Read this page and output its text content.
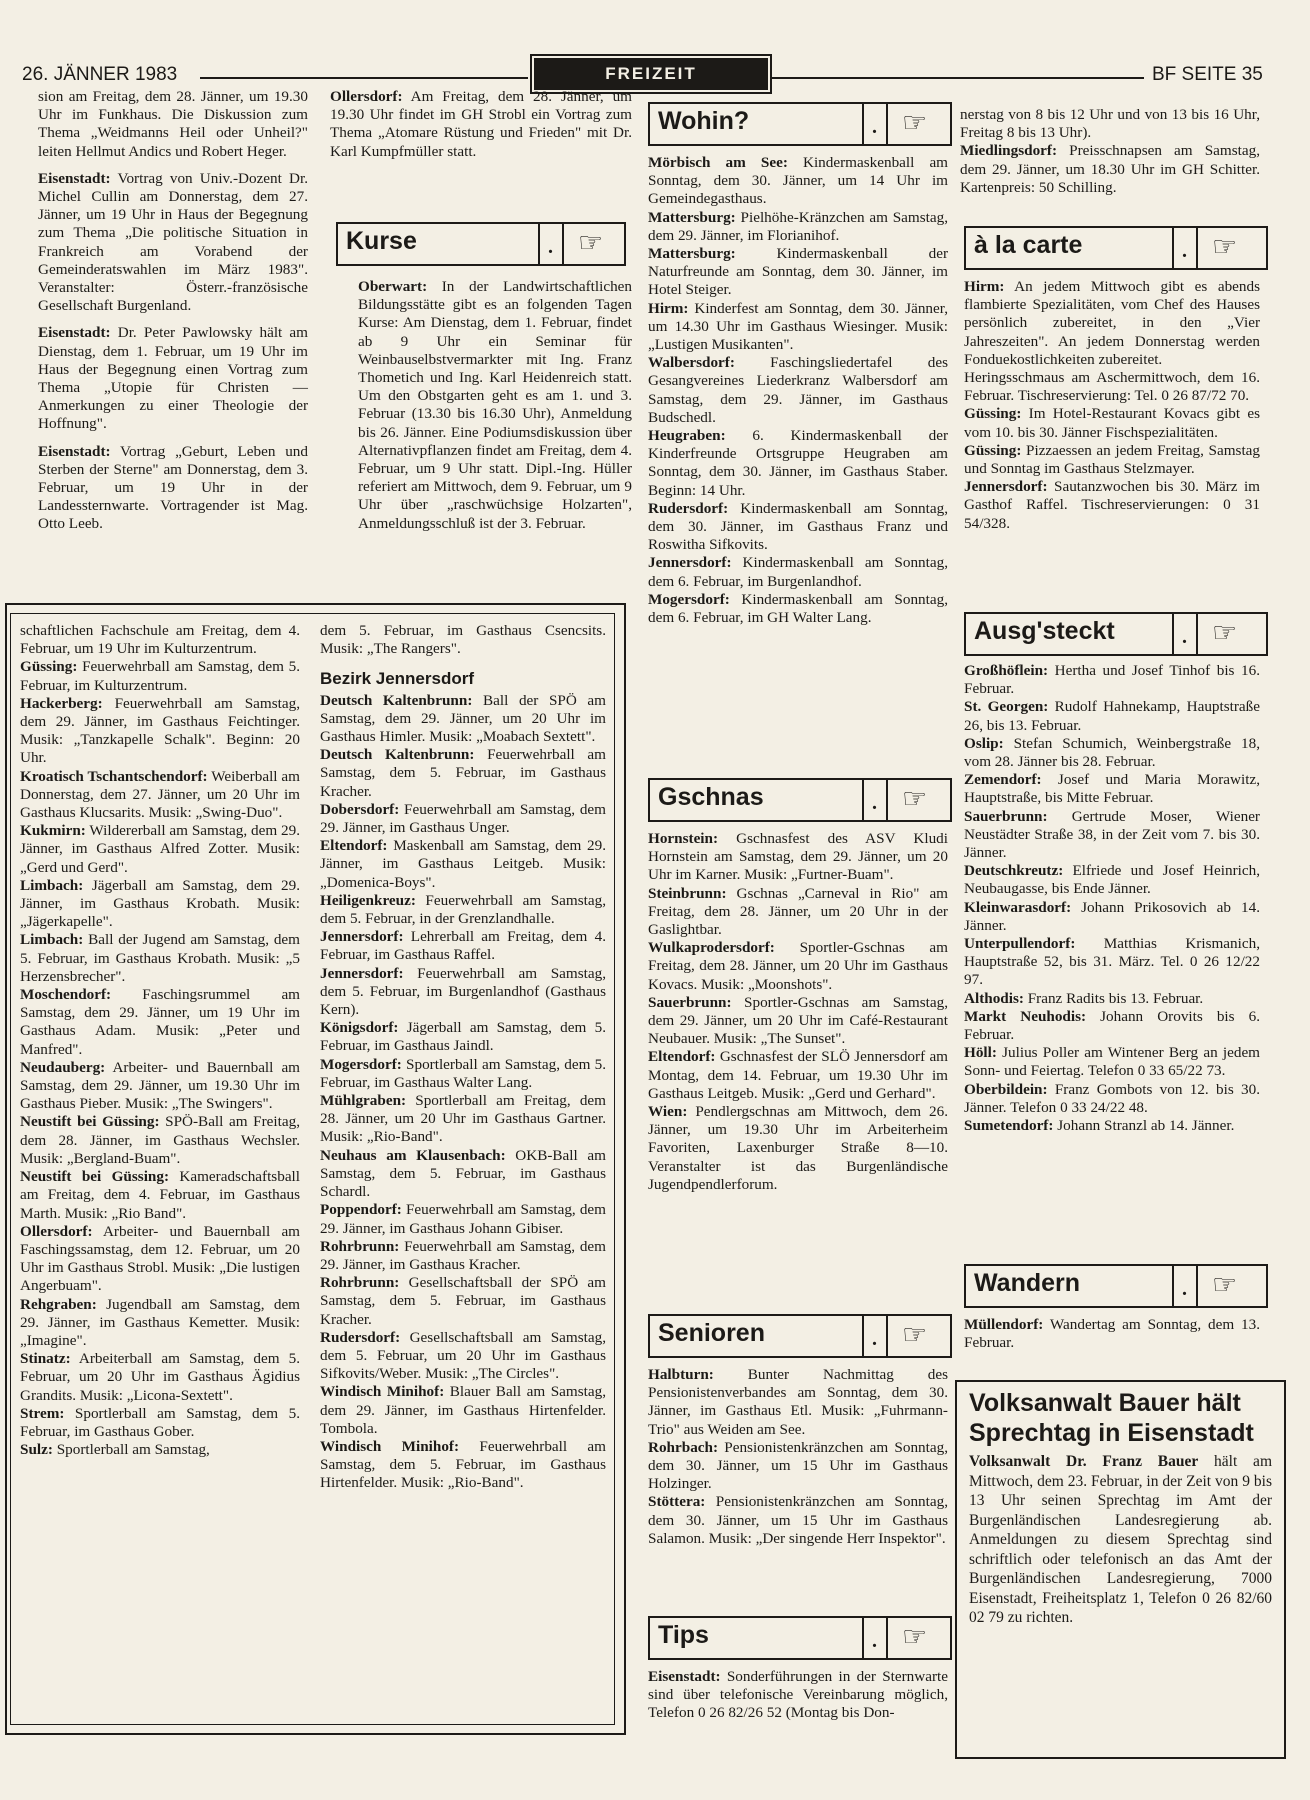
26. JÄNNER 1983	FREIZEIT	BF SEITE 35

sion am Freitag, dem 28. Jänner, um 19.30 Uhr im Funkhaus. Die Diskussion zum Thema „Weidmanns Heil oder Unheil?" leiten Hellmut Andics und Robert Heger.

Eisenstadt: Vortrag von Univ.-Dozent Dr. Michel Cullin am Donnerstag, dem 27. Jänner, um 19 Uhr in Haus der Begegnung zum Thema „Die politische Situation in Frankreich am Vorabend der Gemeinderatswahlen im März 1983". Veranstalter: Österr.-französische Gesellschaft Burgenland.

Eisenstadt: Dr. Peter Pawlowsky hält am Dienstag, dem 1. Februar, um 19 Uhr im Haus der Begegnung einen Vortrag zum Thema „Utopie für Christen — Anmerkungen zu einer Theologie der Hoffnung".

Eisenstadt: Vortrag „Geburt, Leben und Sterben der Sterne" am Donnerstag, dem 3. Februar, um 19 Uhr in der Landessternwarte. Vortragender ist Mag. Otto Leeb.

Ollersdorf: Am Freitag, dem 28. Jänner, um 19.30 Uhr findet im GH Strobl ein Vortrag zum Thema „Atomare Rüstung und Frieden" mit Dr. Karl Kumpfmüller statt.

Kurse	. ☞

Oberwart: In der Landwirtschaftlichen Bildungsstätte gibt es an folgenden Tagen Kurse: Am Dienstag, dem 1. Februar, findet ab 9 Uhr ein Seminar für Weinbauselbstvermarkter mit Ing. Franz Thometich und Ing. Karl Heidenreich statt. Um den Obstgarten geht es am 1. und 3. Februar (13.30 bis 16.30 Uhr), Anmeldung bis 26. Jänner. Eine Podiumsdiskussion über Alternativpflanzen findet am Freitag, dem 4. Februar, um 9 Uhr statt. Dipl.-Ing. Hüller referiert am Mittwoch, dem 9. Februar, um 9 Uhr über „raschwüchsige Holzarten", Anmeldungsschluß ist der 3. Februar.

schaftlichen Fachschule am Freitag, dem 4. Februar, um 19 Uhr im Kulturzentrum.

Güssing: Feuerwehrball am Samstag, dem 5. Februar, im Kulturzentrum.

Hackerberg: Feuerwehrball am Samstag, dem 29. Jänner, im Gasthaus Feichtinger. Musik: „Tanzkapelle Schalk". Beginn: 20 Uhr.

Kroatisch Tschantschendorf: Weiberball am Donnerstag, dem 27. Jänner, um 20 Uhr im Gasthaus Klucsarits. Musik: „Swing-Duo".

Kukmirn: Wildererball am Samstag, dem 29. Jänner, im Gasthaus Alfred Zotter. Musik: „Gerd und Gerd".

Limbach: Jägerball am Samstag, dem 29. Jänner, im Gasthaus Krobath. Musik: „Jägerkapelle".

Limbach: Ball der Jugend am Samstag, dem 5. Februar, im Gasthaus Krobath. Musik: „5 Herzensbrecher".

Moschendorf: Faschingsrummel am Samstag, dem 29. Jänner, um 19 Uhr im Gasthaus Adam. Musik: „Peter und Manfred".

Neudauberg: Arbeiter- und Bauernball am Samstag, dem 29. Jänner, um 19.30 Uhr im Gasthaus Pieber. Musik: „The Swingers".

Neustift bei Güssing: SPÖ-Ball am Freitag, dem 28. Jänner, im Gasthaus Wechsler. Musik: „Bergland-Buam".

Neustift bei Güssing: Kameradschaftsball am Freitag, dem 4. Februar, im Gasthaus Marth. Musik: „Rio Band".

Ollersdorf: Arbeiter- und Bauernball am Faschingssamstag, dem 12. Februar, um 20 Uhr im Gasthaus Strobl. Musik: „Die lustigen Angerbuam".

Rehgraben: Jugendball am Samstag, dem 29. Jänner, im Gasthaus Kemetter. Musik: „Imagine".

Stinatz: Arbeiterball am Samstag, dem 5. Februar, um 20 Uhr im Gasthaus Ägidius Grandits. Musik: „Licona-Sextett".

Strem: Sportlerball am Samstag, dem 5. Februar, im Gasthaus Gober.

Sulz: Sportlerball am Samstag,

dem 5. Februar, im Gasthaus Csencsits. Musik: „The Rangers".

Bezirk Jennersdorf

Deutsch Kaltenbrunn: Ball der SPÖ am Samstag, dem 29. Jänner, um 20 Uhr im Gasthaus Himler. Musik: „Moabach Sextett".

Deutsch Kaltenbrunn: Feuerwehrball am Samstag, dem 5. Februar, im Gasthaus Kracher.

Dobersdorf: Feuerwehrball am Samstag, dem 29. Jänner, im Gasthaus Unger.

Eltendorf: Maskenball am Samstag, dem 29. Jänner, im Gasthaus Leitgeb. Musik: „Domenica-Boys".

Heiligenkreuz: Feuerwehrball am Samstag, dem 5. Februar, in der Grenzlandhalle.

Jennersdorf: Lehrerball am Freitag, dem 4. Februar, im Gasthaus Raffel.

Jennersdorf: Feuerwehrball am Samstag, dem 5. Februar, im Burgenlandhof (Gasthaus Kern).

Königsdorf: Jägerball am Samstag, dem 5. Februar, im Gasthaus Jaindl.

Mogersdorf: Sportlerball am Samstag, dem 5. Februar, im Gasthaus Walter Lang.

Mühlgraben: Sportlerball am Freitag, dem 28. Jänner, um 20 Uhr im Gasthaus Gartner. Musik: „Rio-Band".

Neuhaus am Klausenbach: OKB-Ball am Samstag, dem 5. Februar, im Gasthaus Schardl.

Poppendorf: Feuerwehrball am Samstag, dem 29. Jänner, im Gasthaus Johann Gibiser.

Rohrbrunn: Feuerwehrball am Samstag, dem 29. Jänner, im Gasthaus Kracher.

Rohrbrunn: Gesellschaftsball der SPÖ am Samstag, dem 5. Februar, im Gasthaus Kracher.

Rudersdorf: Gesellschaftsball am Samstag, dem 5. Februar, um 20 Uhr im Gasthaus Sifkovits/Weber. Musik: „The Circles".

Windisch Minihof: Blauer Ball am Samstag, dem 29. Jänner, im Gasthaus Hirtenfelder. Tombola.

Windisch Minihof: Feuerwehrball am Samstag, dem 5. Februar, im Gasthaus Hirtenfelder. Musik: „Rio-Band".

Wohin?	. ☞

Mörbisch am See: Kindermaskenball am Sonntag, dem 30. Jänner, um 14 Uhr im Gemeindegasthaus.

Mattersburg: Pielhöhe-Kränzchen am Samstag, dem 29. Jänner, im Florianihof.

Mattersburg: Kindermaskenball der Naturfreunde am Sonntag, dem 30. Jänner, im Hotel Steiger.

Hirm: Kinderfest am Sonntag, dem 30. Jänner, um 14.30 Uhr im Gasthaus Wiesinger. Musik: „Lustigen Musikanten".

Walbersdorf: Faschingsliedertafel des Gesangvereines Liederkranz Walbersdorf am Samstag, dem 29. Jänner, im Gasthaus Budschedl.

Heugraben: 6. Kindermaskenball der Kinderfreunde Ortsgruppe Heugraben am Sonntag, dem 30. Jänner, im Gasthaus Staber. Beginn: 14 Uhr.

Rudersdorf: Kindermaskenball am Sonntag, dem 30. Jänner, im Gasthaus Franz und Roswitha Sifkovits.

Jennersdorf: Kindermaskenball am Sonntag, dem 6. Februar, im Burgenlandhof.

Mogersdorf: Kindermaskenball am Sonntag, dem 6. Februar, im GH Walter Lang.

Gschnas	. ☞

Hornstein: Gschnasfest des ASV Kludi Hornstein am Samstag, dem 29. Jänner, um 20 Uhr im Karner. Musik: „Furtner-Buam".

Steinbrunn: Gschnas „Carneval in Rio" am Freitag, dem 28. Jänner, um 20 Uhr in der Gaslightbar.

Wulkaprodersdorf: Sportler-Gschnas am Freitag, dem 28. Jänner, um 20 Uhr im Gasthaus Kovacs. Musik: „Moonshots".

Sauerbrunn: Sportler-Gschnas am Samstag, dem 29. Jänner, um 20 Uhr im Café-Restaurant Neubauer. Musik: „The Sunset".

Eltendorf: Gschnasfest der SLÖ Jennersdorf am Montag, dem 14. Februar, um 19.30 Uhr im Gasthaus Leitgeb. Musik: „Gerd und Gerhard".

Wien: Pendlergschnas am Mittwoch, dem 26. Jänner, um 19.30 Uhr im Arbeiterheim Favoriten, Laxenburger Straße 8—10. Veranstalter ist das Burgenländische Jugendpendlerforum.

Senioren	. ☞

Halbturn: Bunter Nachmittag des Pensionistenverbandes am Sonntag, dem 30. Jänner, im Gasthaus Etl. Musik: „Fuhrmann-Trio" aus Weiden am See.

Rohrbach: Pensionistenkränzchen am Sonntag, dem 30. Jänner, um 15 Uhr im Gasthaus Holzinger.

Stöttera: Pensionistenkränzchen am Sonntag, dem 30. Jänner, um 15 Uhr im Gasthaus Salamon. Musik: „Der singende Herr Inspektor".

Tips	. ☞

Eisenstadt: Sonderführungen in der Sternwarte sind über telefonische Vereinbarung möglich, Telefon 0 26 82/26 52 (Montag bis Don-

nerstag von 8 bis 12 Uhr und von 13 bis 16 Uhr, Freitag 8 bis 13 Uhr).

Miedlingsdorf: Preisschnapsen am Samstag, dem 29. Jänner, um 18.30 Uhr im GH Schitter. Kartenpreis: 50 Schilling.

à la carte	. ☞

Hirm: An jedem Mittwoch gibt es abends flambierte Spezialitäten, vom Chef des Hauses persönlich zubereitet, in den „Vier Jahreszeiten". An jedem Donnerstag werden Fonduekostlichkeiten zubereitet.

Heringsschmaus am Aschermittwoch, dem 16. Februar. Tischreservierung: Tel. 0 26 87/72 70.

Güssing: Im Hotel-Restaurant Kovacs gibt es vom 10. bis 30. Jänner Fischspezialitäten.

Güssing: Pizzaessen an jedem Freitag, Samstag und Sonntag im Gasthaus Stelzmayer.

Jennersdorf: Sautanzwochen bis 30. März im Gasthof Raffel. Tischreservierungen: 0 31 54/328.

Ausg'steckt	. ☞

Großhöflein: Hertha und Josef Tinhof bis 16. Februar.

St. Georgen: Rudolf Hahnekamp, Hauptstraße 26, bis 13. Februar.

Oslip: Stefan Schumich, Weinbergstraße 18, vom 28. Jänner bis 28. Februar.

Zemendorf: Josef und Maria Morawitz, Hauptstraße, bis Mitte Februar.

Sauerbrunn: Gertrude Moser, Wiener Neustädter Straße 38, in der Zeit vom 7. bis 30. Jänner.

Deutschkreutz: Elfriede und Josef Heinrich, Neubaugasse, bis Ende Jänner.

Kleinwarasdorf: Johann Prikosovich ab 14. Jänner.

Unterpullendorf: Matthias Krismanich, Hauptstraße 52, bis 31. März. Tel. 0 26 12/22 97.

Althodis: Franz Radits bis 13. Februar.

Markt Neuhodis: Johann Orovits bis 6. Februar.

Höll: Julius Poller am Wintener Berg an jedem Sonn- und Feiertag. Telefon 0 33 65/22 73.

Oberbildein: Franz Gombots von 12. bis 30. Jänner. Telefon 0 33 24/22 48.

Sumetendorf: Johann Stranzl ab 14. Jänner.

Wandern	. ☞

Müllendorf: Wandertag am Sonntag, dem 13. Februar.

Volksanwalt Bauer hält Sprechtag in Eisenstadt
Volksanwalt Dr. Franz Bauer hält am Mittwoch, dem 23. Februar, in der Zeit von 9 bis 13 Uhr seinen Sprechtag im Amt der Burgenländischen Landesregierung ab. Anmeldungen zu diesem Sprechtag sind schriftlich oder telefonisch an das Amt der Burgenländischen Landesregierung, 7000 Eisenstadt, Freiheitsplatz 1, Telefon 0 26 82/60 02 79 zu richten.
